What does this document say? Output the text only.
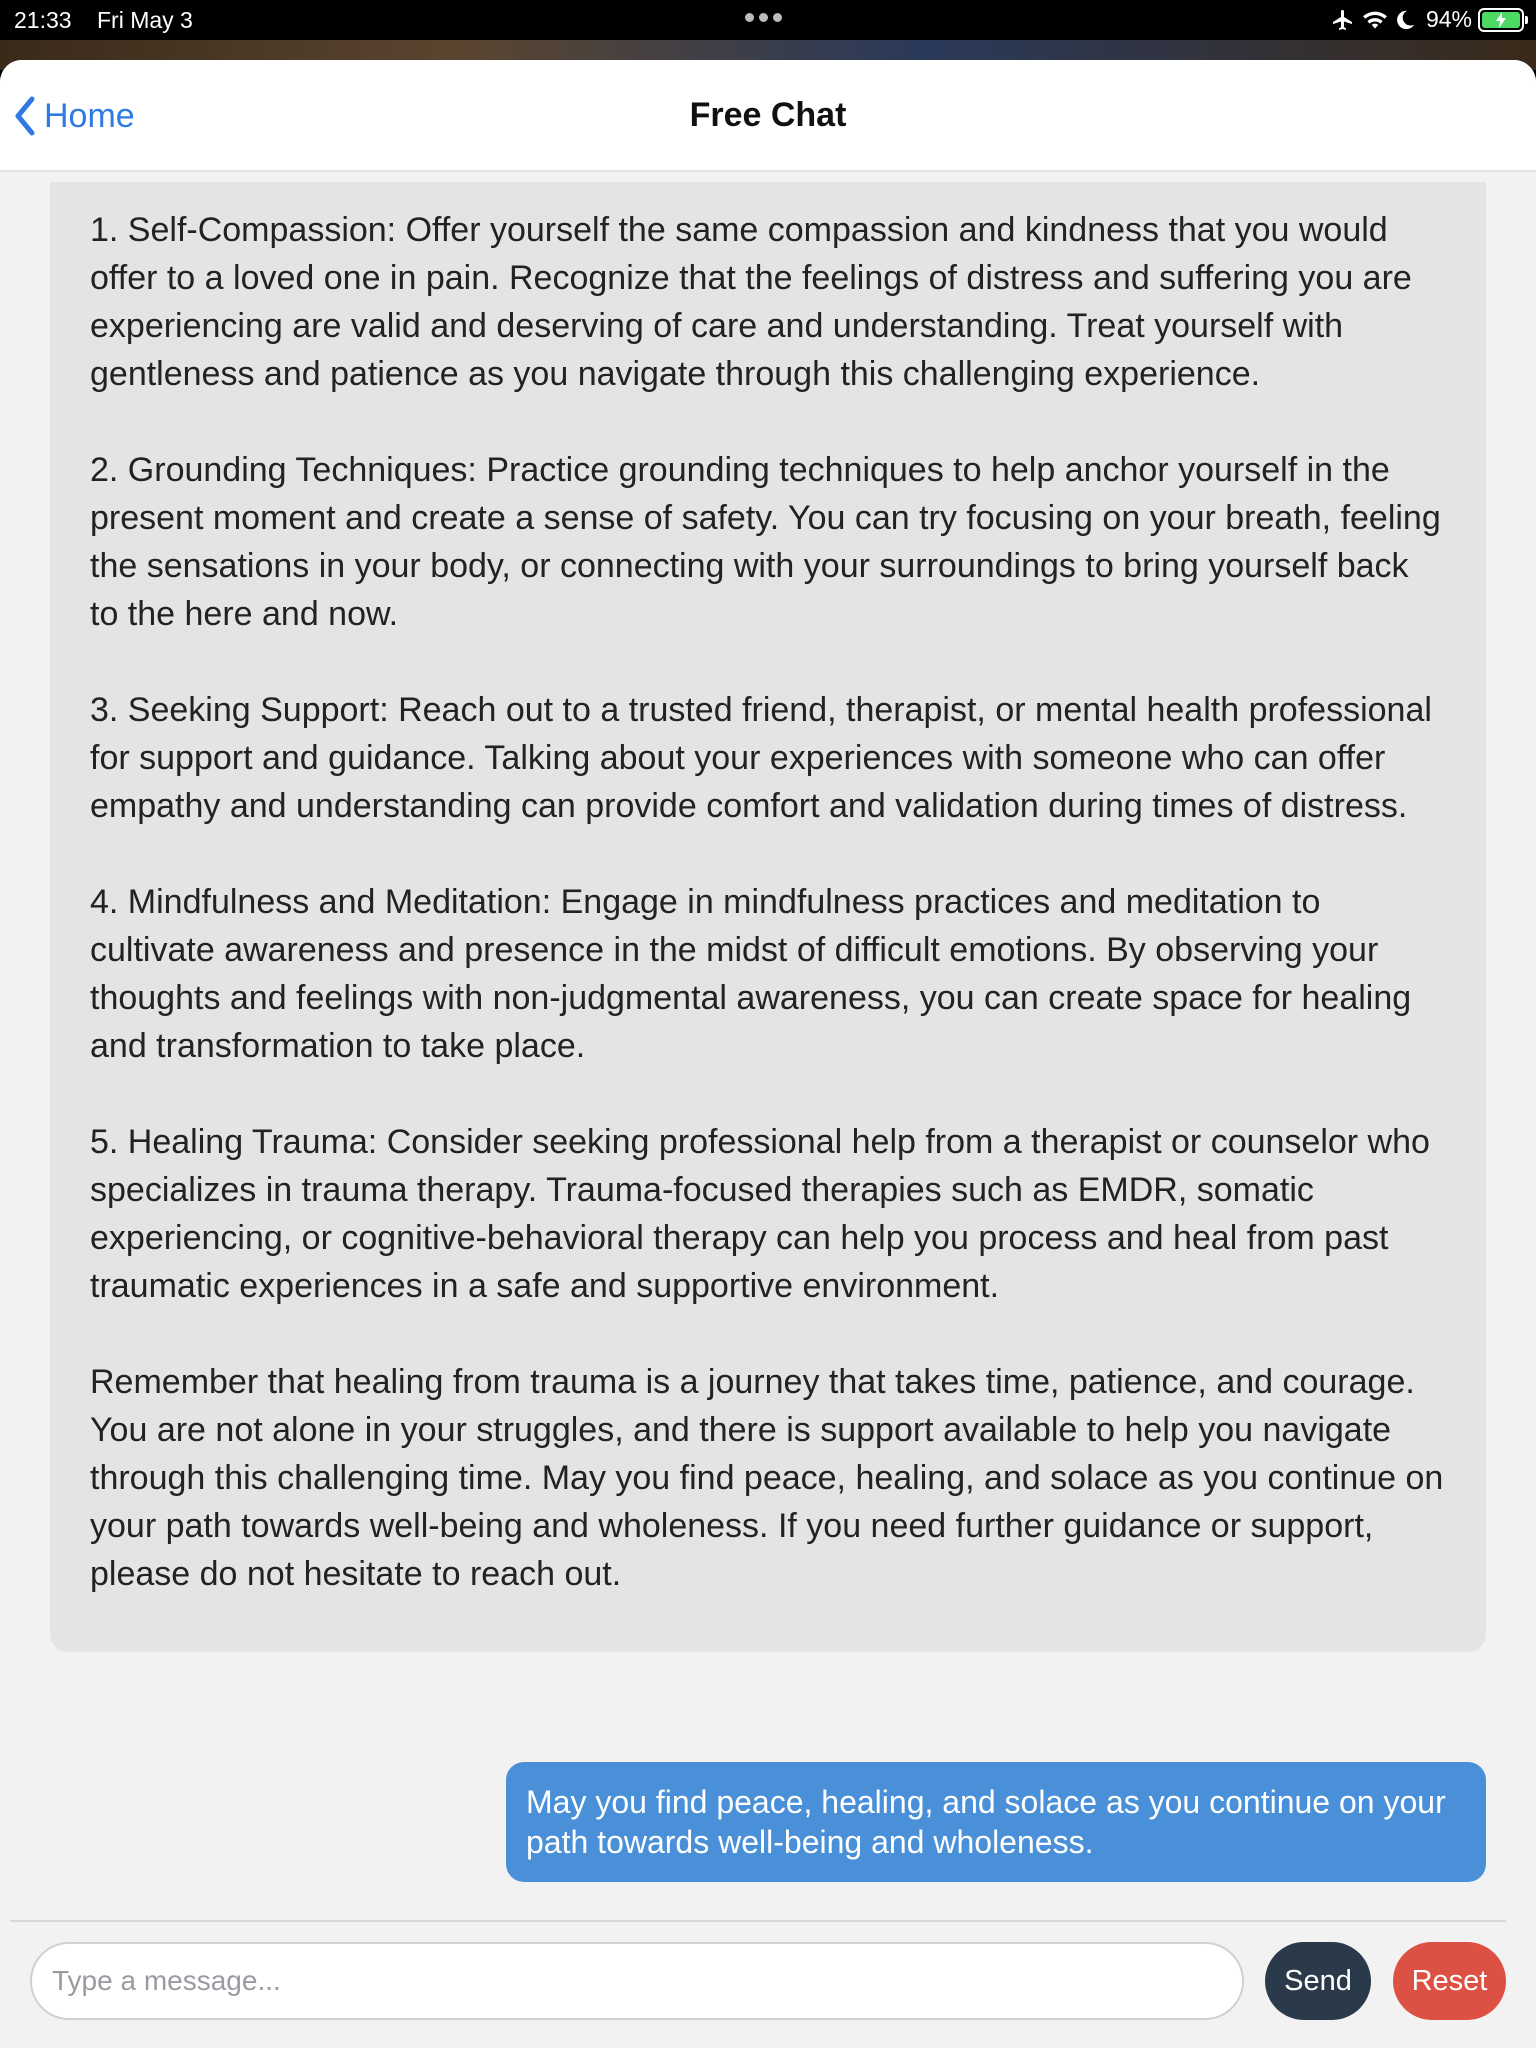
21:33 Fri May 3	94%
Home	Free Chat

1. Self-Compassion: Offer yourself the same compassion and kindness that you would offer to a loved one in pain. Recognize that the feelings of distress and suffering you are experiencing are valid and deserving of care and understanding. Treat yourself with gentleness and patience as you navigate through this challenging experience.

2. Grounding Techniques: Practice grounding techniques to help anchor yourself in the present moment and create a sense of safety. You can try focusing on your breath, feeling the sensations in your body, or connecting with your surroundings to bring yourself back to the here and now.

3. Seeking Support: Reach out to a trusted friend, therapist, or mental health professional for support and guidance. Talking about your experiences with someone who can offer empathy and understanding can provide comfort and validation during times of distress.

4. Mindfulness and Meditation: Engage in mindfulness practices and meditation to cultivate awareness and presence in the midst of difficult emotions. By observing your thoughts and feelings with non-judgmental awareness, you can create space for healing and transformation to take place.

5. Healing Trauma: Consider seeking professional help from a therapist or counselor who specializes in trauma therapy. Trauma-focused therapies such as EMDR, somatic experiencing, or cognitive-behavioral therapy can help you process and heal from past traumatic experiences in a safe and supportive environment.

Remember that healing from trauma is a journey that takes time, patience, and courage. You are not alone in your struggles, and there is support available to help you navigate through this challenging time. May you find peace, healing, and solace as you continue on your path towards well-being and wholeness. If you need further guidance or support, please do not hesitate to reach out.

May you find peace, healing, and solace as you continue on your path towards well-being and wholeness.
Type a message...
Send	Reset
